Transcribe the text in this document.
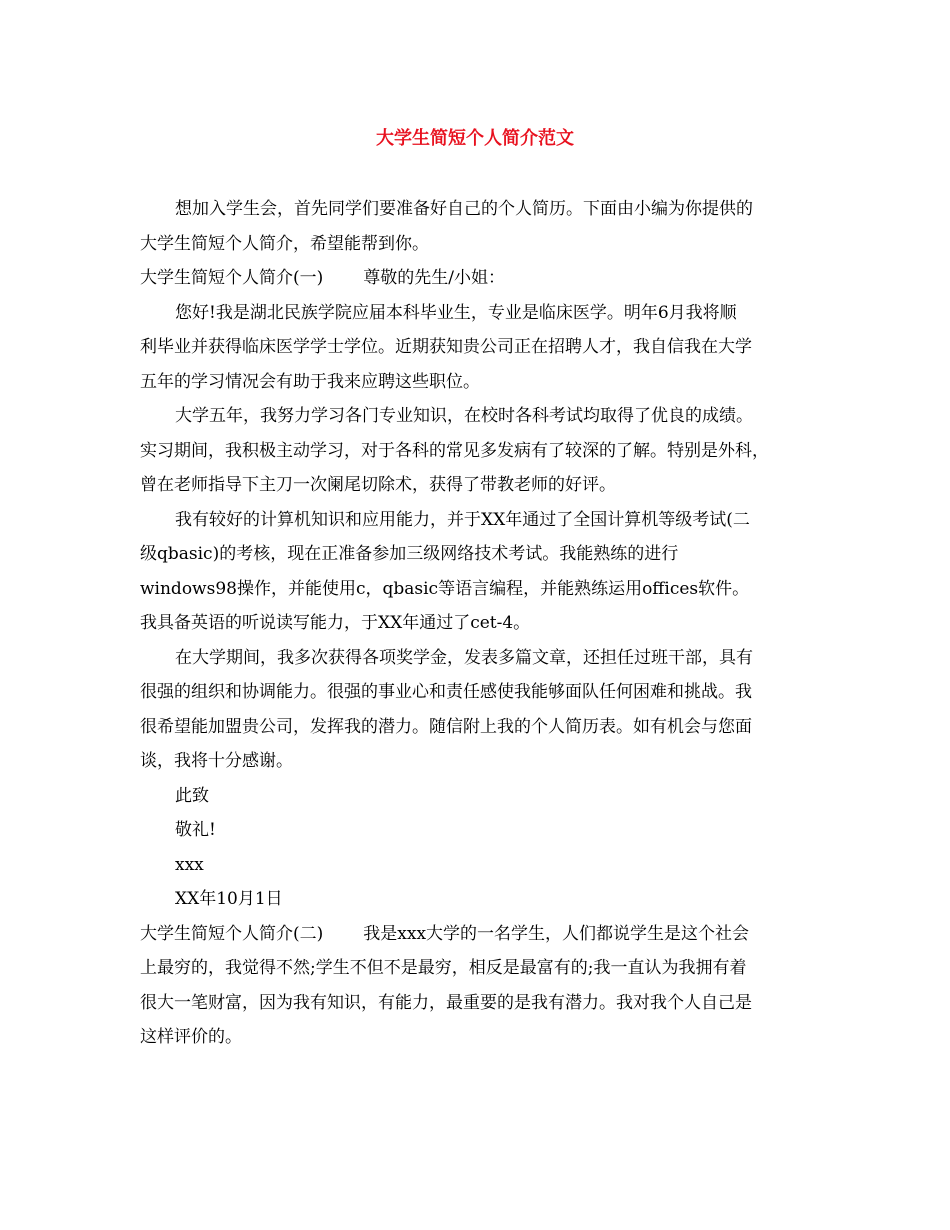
大学生简短个人简介范文
想加入学生会，首先同学们要准备好自己的个人简历。下面由小编为你提供的
大学生简短个人简介，希望能帮到你。
大学生简短个人简介(一) 尊敬的先生/小姐：
您好!我是湖北民族学院应届本科毕业生，专业是临床医学。明年6月我将顺
利毕业并获得临床医学学士学位。近期获知贵公司正在招聘人才，我自信我在大学
五年的学习情况会有助于我来应聘这些职位。
大学五年，我努力学习各门专业知识，在校时各科考试均取得了优良的成绩。
实习期间，我积极主动学习，对于各科的常见多发病有了较深的了解。特别是外科，
曾在老师指导下主刀一次阑尾切除术，获得了带教老师的好评。
我有较好的计算机知识和应用能力，并于XX年通过了全国计算机等级考试(二
级qbasic)的考核，现在正准备参加三级网络技术考试。我能熟练的进行
windows98操作，并能使用c，qbasic等语言编程，并能熟练运用offices软件。
我具备英语的听说读写能力，于XX年通过了cet-4。
在大学期间，我多次获得各项奖学金，发表多篇文章，还担任过班干部，具有
很强的组织和协调能力。很强的事业心和责任感使我能够面队任何困难和挑战。我
很希望能加盟贵公司，发挥我的潜力。随信附上我的个人简历表。如有机会与您面
谈，我将十分感谢。
此致
敬礼!
xxx
XX年10月1日
大学生简短个人简介(二) 我是xxx大学的一名学生，人们都说学生是这个社会
上最穷的，我觉得不然;学生不但不是最穷，相反是最富有的;我一直认为我拥有着
很大一笔财富，因为我有知识，有能力，最重要的是我有潜力。我对我个人自己是
这样评价的。
